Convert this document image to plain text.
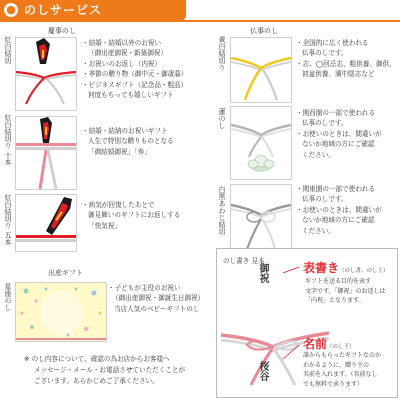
● のしサービス
慶事のし
紅白結切	・結婚・結婚以外のお祝い
（御出産御祝・新築御祝）
・お祝いのお返し（内祝）
・季節の贈り物（御中元・御歳暮）
・ビジネスギフト（記念品・粗品）
何度もちっても嬉しいギフト
紅白結切り 十本	・結婚・結納のお祝いギフト
人生で特別な贈りものとなる
「御結婚御祝」「寿」
紅白結切り 五本	・病気が回復したあとで
御見舞いのギフトにお返しする
「快気祝」
出産ギフト
星座のし	・子どもが主役のお祝い
（御出産御祝・御誕生日御祝）
当店人気のベビーギフトのし
※ のし内容について、確認の為お店からお客様へ
メッセージ・メール・お電話させていただくことが
ございます。あらかじめご了承ください。
仏事のし
黄白結切り	・全国的に広く使われる
仏事のしです。
・志、◯回忌志、粗供養、御供、
初盆供養、満中陰志など
蓮のし	・関西圏の一部で使われる
仏事のしです。
・お使いのときは、間違いが
ないか地域の方にご確認
ください。
白黒あわじ結切	・関東圏の一部で使われる
仏事のしです。
・お使いのときは、間違いが
ないか地域の方にご確認
ください。
のし書き 見本
御祝
桜谷
表書き（のし書、のし上）
ギフトを送る目的を表す
文字です。「御祝」のお返しは
「内祝」となります。
名前（のし下）
誰からもらったギフトなのか
わかるように、贈り主の
名前を入れます。（名前なし
でも無料で承ります）
